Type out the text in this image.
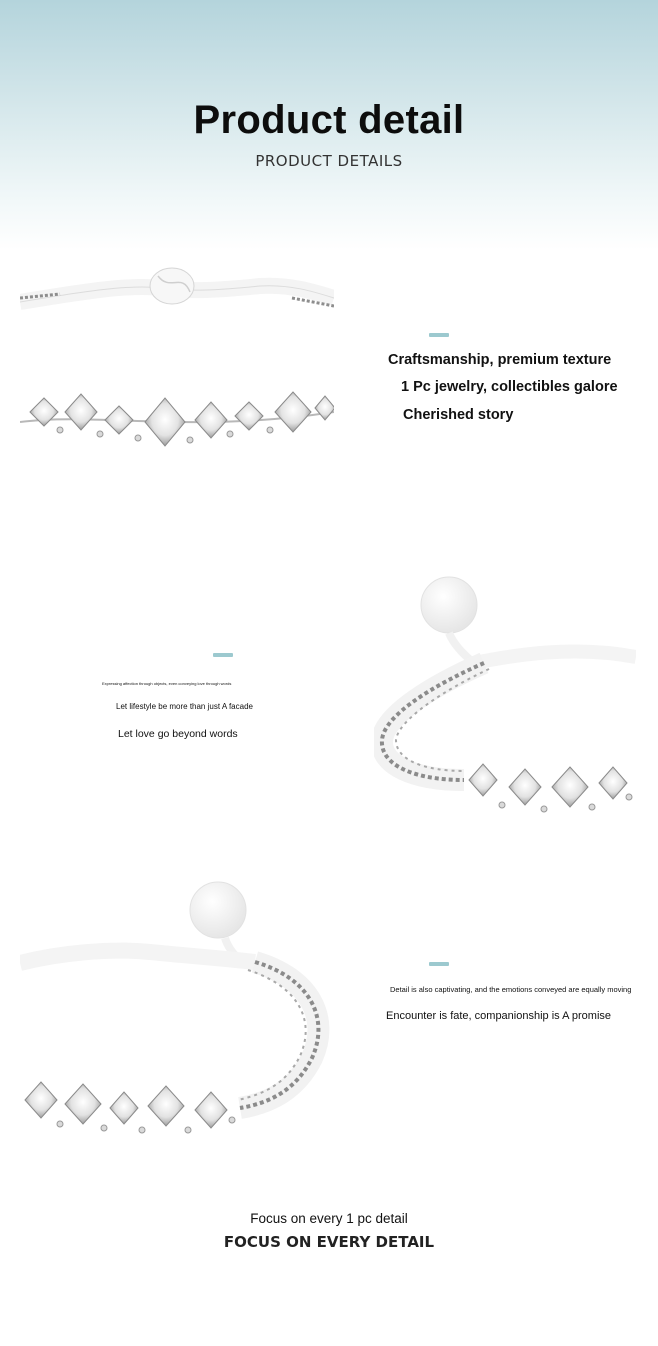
Product detail
PRODUCT DETAILS
Craftsmanship, premium texture
1 Pc jewelry, collectibles galore
Cherished story
Expressing affection through objects, even conveying love through words
Let lifestyle be more than just A facade
Let love go beyond words
Detail is also captivating, and the emotions conveyed are equally moving
Encounter is fate, companionship is A promise
Focus on every 1 pc detail
FOCUS ON EVERY DETAIL
